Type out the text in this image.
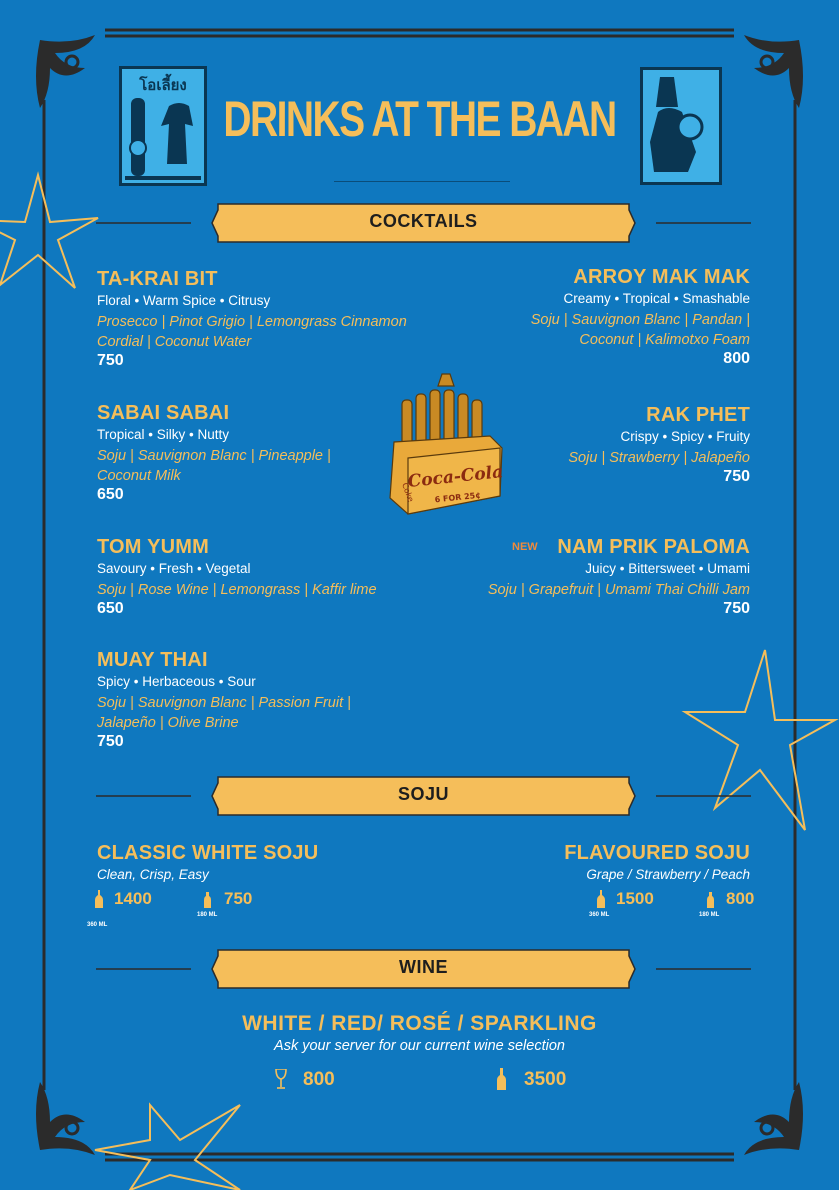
โอเลี้ยง
DRINKS AT THE BAAN
COCKTAILS
TA-KRAI BIT
Floral • Warm Spice • Citrusy
Prosecco | Pinot Grigio | Lemongrass Cinnamon
Cordial | Coconut Water
750
ARROY MAK MAK
Creamy • Tropical • Smashable
Soju | Sauvignon Blanc | Pandan |
Coconut | Kalimotxo Foam
800
SABAI SABAI
Tropical • Silky • Nutty
Soju | Sauvignon Blanc | Pineapple |
Coconut Milk
650
RAK PHET
Crispy • Spicy • Fruity
Soju | Strawberry | Jalapeño
750
Coca-Cola
Coke 6 FOR 25¢
TOM YUMM
Savoury • Fresh • Vegetal
Soju | Rose Wine | Lemongrass | Kaffir lime
650
NEW NAM PRIK PALOMA
Juicy • Bittersweet • Umami
Soju | Grapefruit | Umami Thai Chilli Jam
750
MUAY THAI
Spicy • Herbaceous • Sour
Soju | Sauvignon Blanc | Passion Fruit |
Jalapeño | Olive Brine
750
SOJU
CLASSIC WHITE SOJU
Clean, Crisp, Easy
1400
360 ML
750
180 ML
FLAVOURED SOJU
Grape / Strawberry / Peach
1500
360 ML
800
180 ML
WINE
WHITE / RED/ ROSÉ / SPARKLING
Ask your server for our current wine selection
800	3500
